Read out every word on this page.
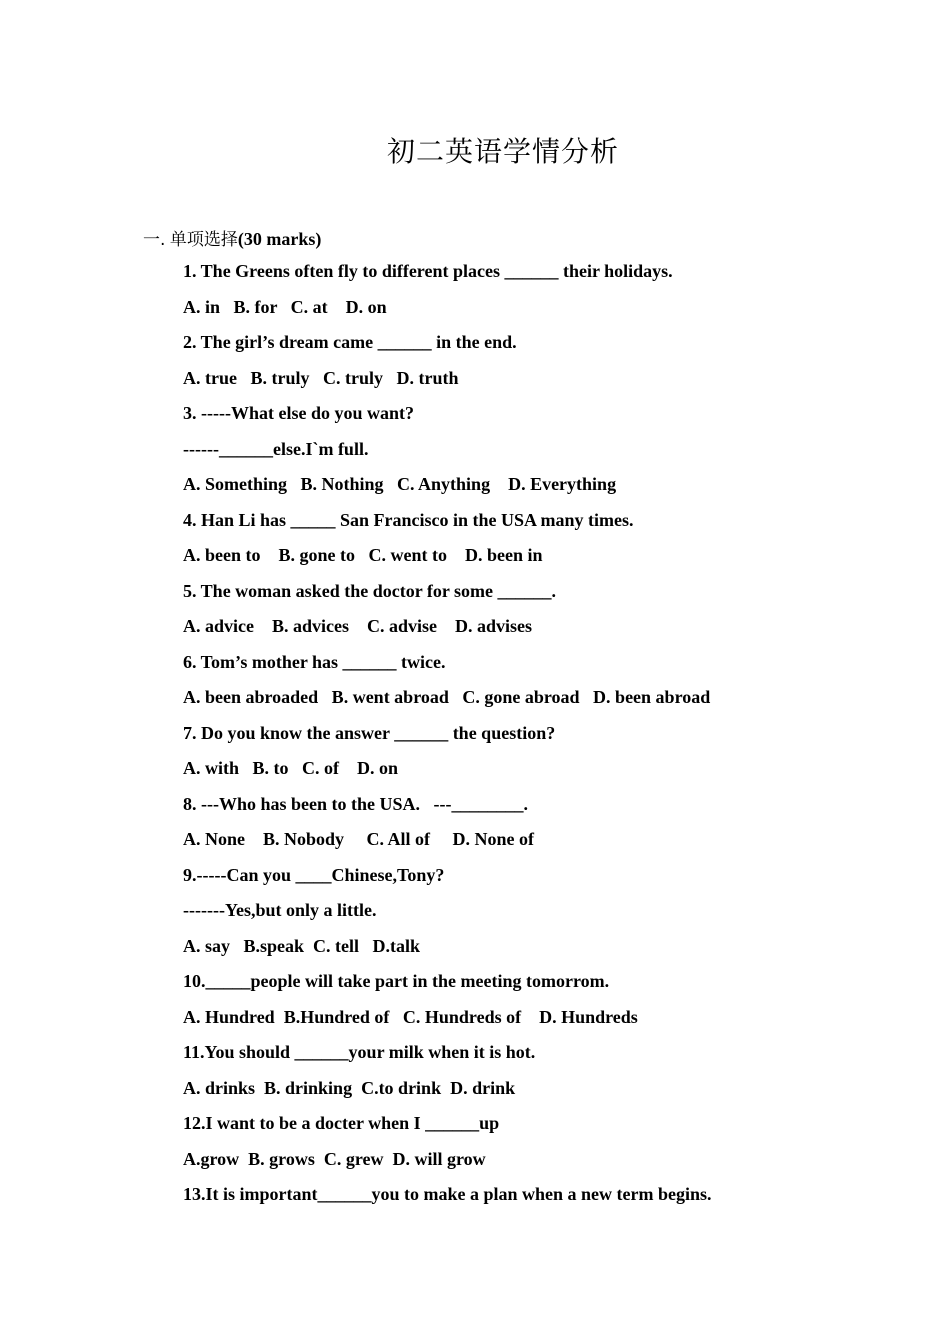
初二英语学情分析
一. 单项选择(30 marks)
1. The Greens often fly to different places ______ their holidays.
A. in   B. for   C. at    D. on
2. The girl’s dream came ______ in the end.
A. true   B. truly   C. truly   D. truth
3. -----What else do you want?
------______else.I`m full.
A. Something   B. Nothing   C. Anything    D. Everything
4. Han Li has _____ San Francisco in the USA many times.
A. been to    B. gone to   C. went to    D. been in
5. The woman asked the doctor for some ______.
A. advice    B. advices    C. advise    D. advises
6. Tom’s mother has ______ twice.
A. been abroaded   B. went abroad   C. gone abroad   D. been abroad
7. Do you know the answer ______ the question?
A. with   B. to   C. of    D. on
8. ---Who has been to the USA.   ---________.
A. None    B. Nobody     C. All of     D. None of
9.-----Can you ____Chinese,Tony?
-------Yes,but only a little.
A. say   B.speak  C. tell   D.talk
10._____people will take part in the meeting tomorrom.
A. Hundred  B.Hundred of   C. Hundreds of    D. Hundreds
11.You should ______your milk when it is hot.
A. drinks  B. drinking  C.to drink  D. drink
12.I want to be a docter when I ______up
A.grow  B. grows  C. grew  D. will grow
13.It is important______you to make a plan when a new term begins.
